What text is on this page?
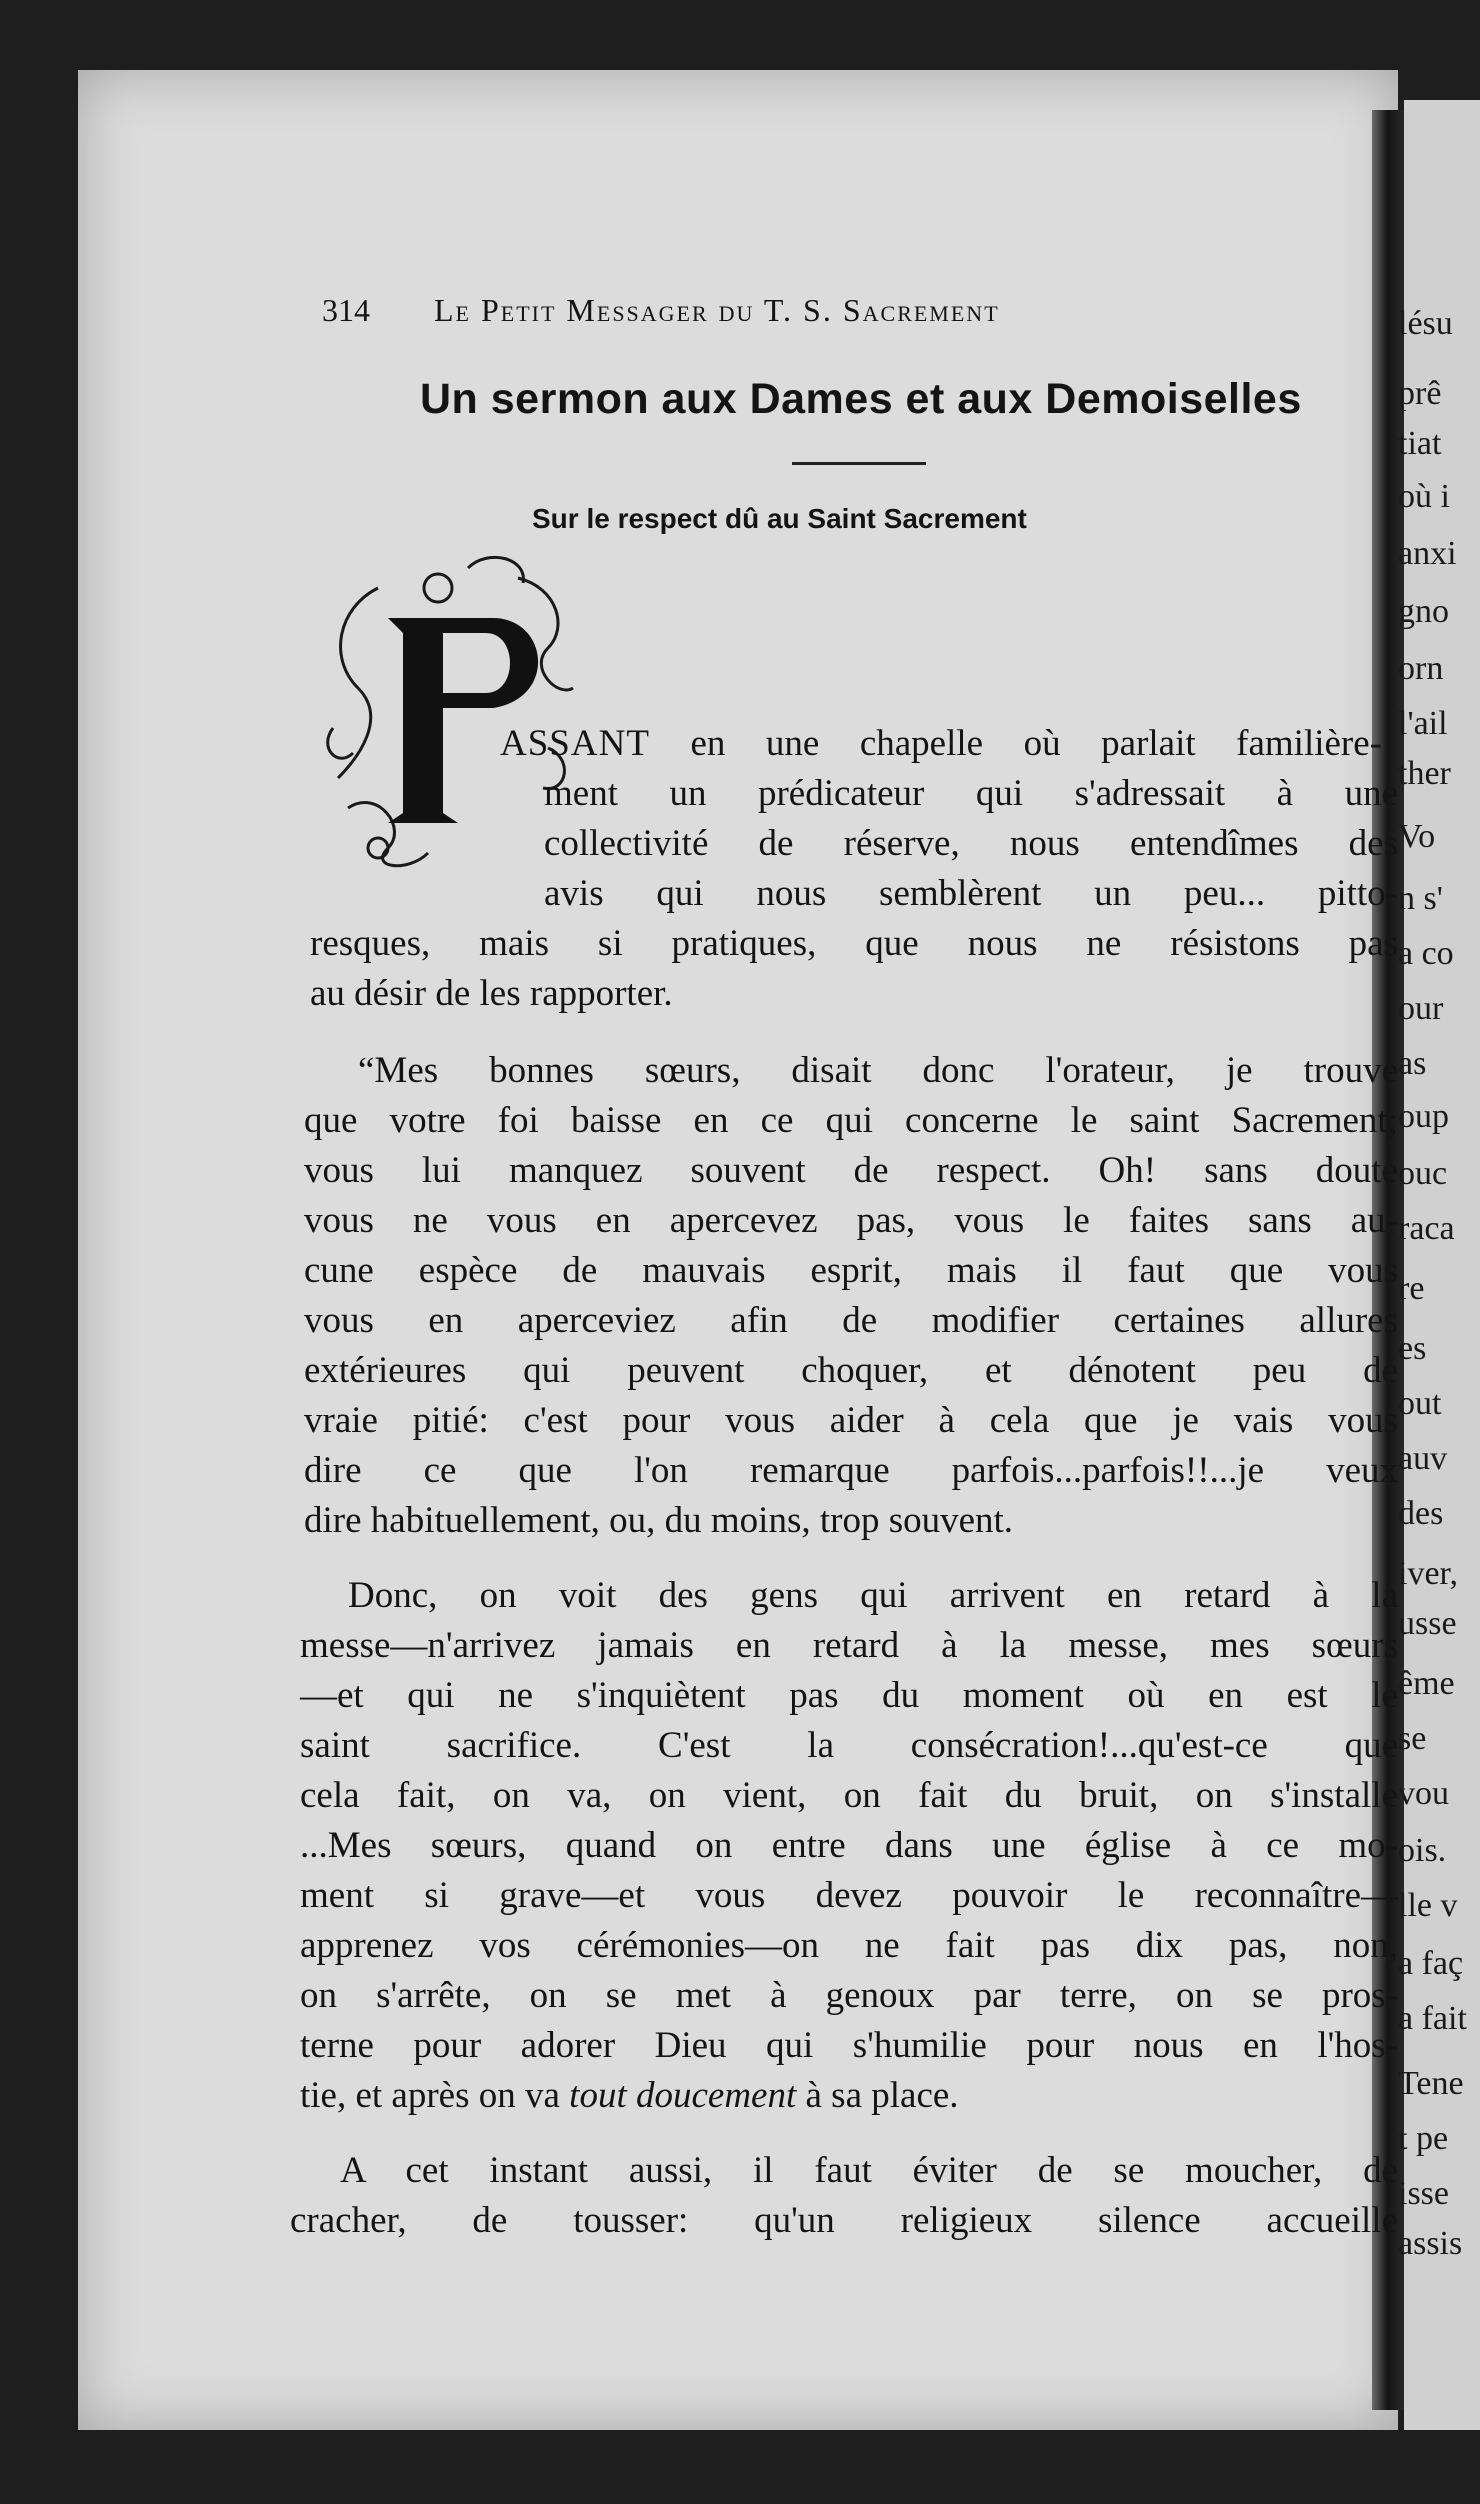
lésu
prê
tiat
où i
anxi
gno
orn
l'ail
ther
Vo
n s'
a co
our
as
oup
ouc
raca
re
es
out
auv
des
iver,
usse
ême
se
vou
ois.
lle v
a faç
a fait
Tene
t pe
isse
assis
314	Le Petit Messager du T. S. Sacrement
Un sermon aux Dames et aux Demoiselles
Sur le respect dû au Saint Sacrement
P
ASSANT en une chapelle où parlait familière-
ment un prédicateur qui s'adressait à une
collectivité de réserve, nous entendîmes des
avis qui nous semblèrent un peu... pitto-
resques, mais si pratiques, que nous ne résistons pas
au désir de les rapporter.
“Mes bonnes sœurs, disait donc l'orateur, je trouve
que votre foi baisse en ce qui concerne le saint Sacrement;
vous lui manquez souvent de respect. Oh! sans doute
vous ne vous en apercevez pas, vous le faites sans au-
cune espèce de mauvais esprit, mais il faut que vous
vous en aperceviez afin de modifier certaines allures
extérieures qui peuvent choquer, et dénotent peu de
vraie pitié: c'est pour vous aider à cela que je vais vous
dire ce que l'on remarque parfois...parfois!!...je veux
dire habituellement, ou, du moins, trop souvent.
Donc, on voit des gens qui arrivent en retard à la
messe—n'arrivez jamais en retard à la messe, mes sœurs
—et qui ne s'inquiètent pas du moment où en est le
saint sacrifice. C'est la consécration!...qu'est-ce que
cela fait, on va, on vient, on fait du bruit, on s'installe
...Mes sœurs, quand on entre dans une église à ce mo-
ment si grave—et vous devez pouvoir le reconnaître—
apprenez vos cérémonies—on ne fait pas dix pas, non,
on s'arrête, on se met à genoux par terre, on se pros-
terne pour adorer Dieu qui s'humilie pour nous en l'hos-
tie, et après on va tout doucement à sa place.
A cet instant aussi, il faut éviter de se moucher, de
cracher, de tousser: qu'un religieux silence accueille
